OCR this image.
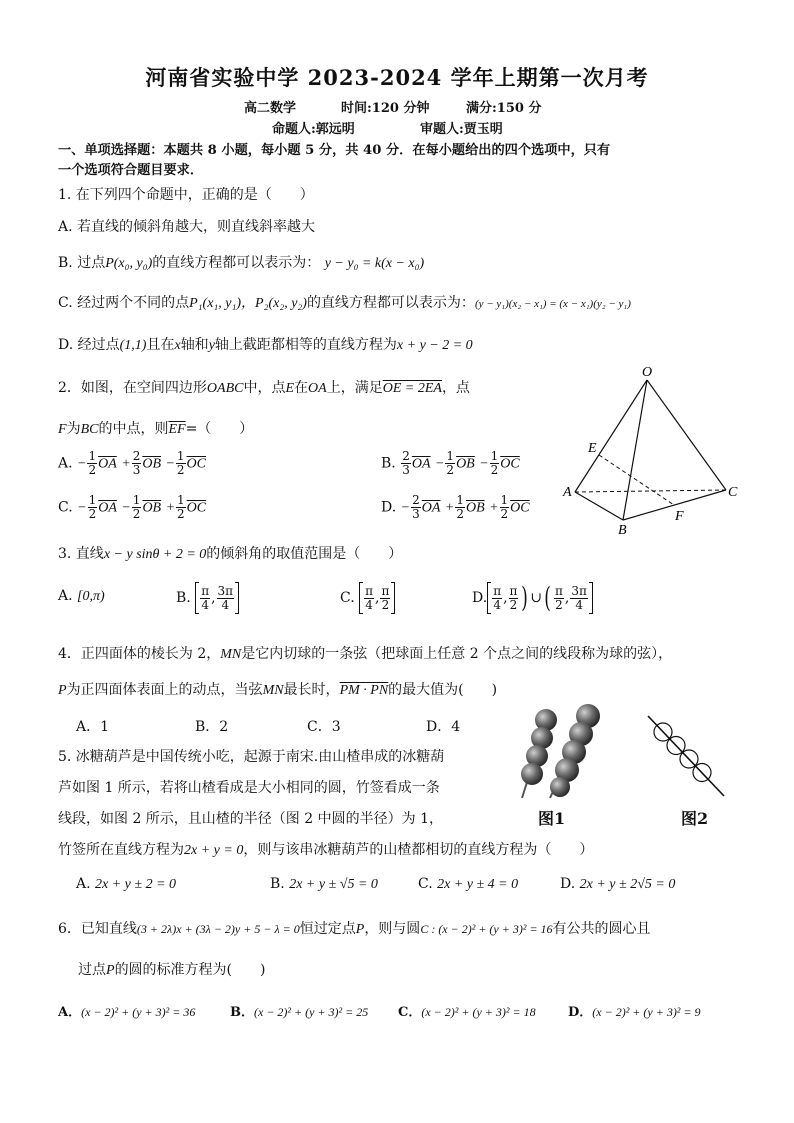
河南省实验中学 2023-2024 学年上期第一次月考
高二数学	时间:120 分钟	满分:150 分
命题人:郭远明	审题人:贾玉明
一、单项选择题：本题共 8 小题，每小题 5 分，共 40 分．在每小题给出的四个选项中，只有
一个选项符合题目要求．
1. 在下列四个命题中，正确的是（　　）
A. 若直线的倾斜角越大，则直线斜率越大
B. 过点P(x₀, y₀)的直线方程都可以表示为： y − y₀ = k(x − x₀)
C. 经过两个不同的点P₁(x₁, y₁)，P₂(x₂, y₂)的直线方程都可以表示为：(y − y₁)(x₂ − x₁) = (x − x₁)(y₂ − y₁)
D. 经过点(1,1)且在x轴和y轴上截距都相等的直线方程为x + y − 2 = 0
2．如图，在空间四边形OABC中，点E在OA上，满足OE = 2EA，点
F为BC的中点，则$\overline{EF}=$（　　）
A. − $\frac{1}{2} \overline{OA} + \frac{2}{3} \overline{OB} - \frac{1}{2} \overline{OC}$	B. $\frac{2}{3} \overline{OA} - \frac{1}{2} \overline{OB} - \frac{1}{2} \overline{OC}$
C. − $\frac{1}{2} \overline{OA} - \frac{1}{2} \overline{OB} + \frac{1}{2} \overline{OC}$	D. − $\frac{2}{3} \overline{OA} + \frac{1}{2} \overline{OB} + \frac{1}{2} \overline{OC}$
O
E
A
B
C
F
3. 直线x − y sinθ + 2 = 0的倾斜角的取值范围是（　　）
A. [0,π)	B. $\frac{\pi}{4}$ , $\frac{3\pi}{4}$	C. $\frac{\pi}{4}$ , $\frac{\pi}{2}$	D. $\frac{\pi}{4}$ , $\frac{\pi}{2}$ ) ∪( $\frac{\pi}{2}$ , $\frac{3\pi}{4}$
4．正四面体的棱长为 2，MN是它内切球的一条弦（把球面上任意 2 个点之间的线段称为球的弦），
P为正四面体表面上的动点，当弦MN最长时，PM · PN的最大值为(　　)
A．1	B．2	C．3	D．4
5. 冰糖葫芦是中国传统小吃，起源于南宋.由山楂串成的冰糖葫
芦如图 1 所示，若将山楂看成是大小相同的圆，竹签看成一条
线段，如图 2 所示，且山楂的半径（图 2 中圆的半径）为 1，
竹签所在直线方程为2x + y = 0，则与该串冰糖葫芦的山楂都相切的直线方程为（　　）
图1	图2
A. 2x + y ± 2 = 0	B. 2x + y ± √5 = 0	C. 2x + y ± 4 = 0	D. 2x + y ± 2√5 = 0
6．已知直线(3 + 2λ)x + (3λ − 2)y + 5 − λ = 0恒过定点P，则与圆C : (x − 2)² + (y + 3)² = 16有公共的圆心且
过点P的圆的标准方程为(　　)
A．(x − 2)² + (y + 3)² = 36	B．(x − 2)² + (y + 3)² = 25 C．(x − 2)² + (y + 3)² = 18 D．(x − 2)² + (y + 3)² = 9
